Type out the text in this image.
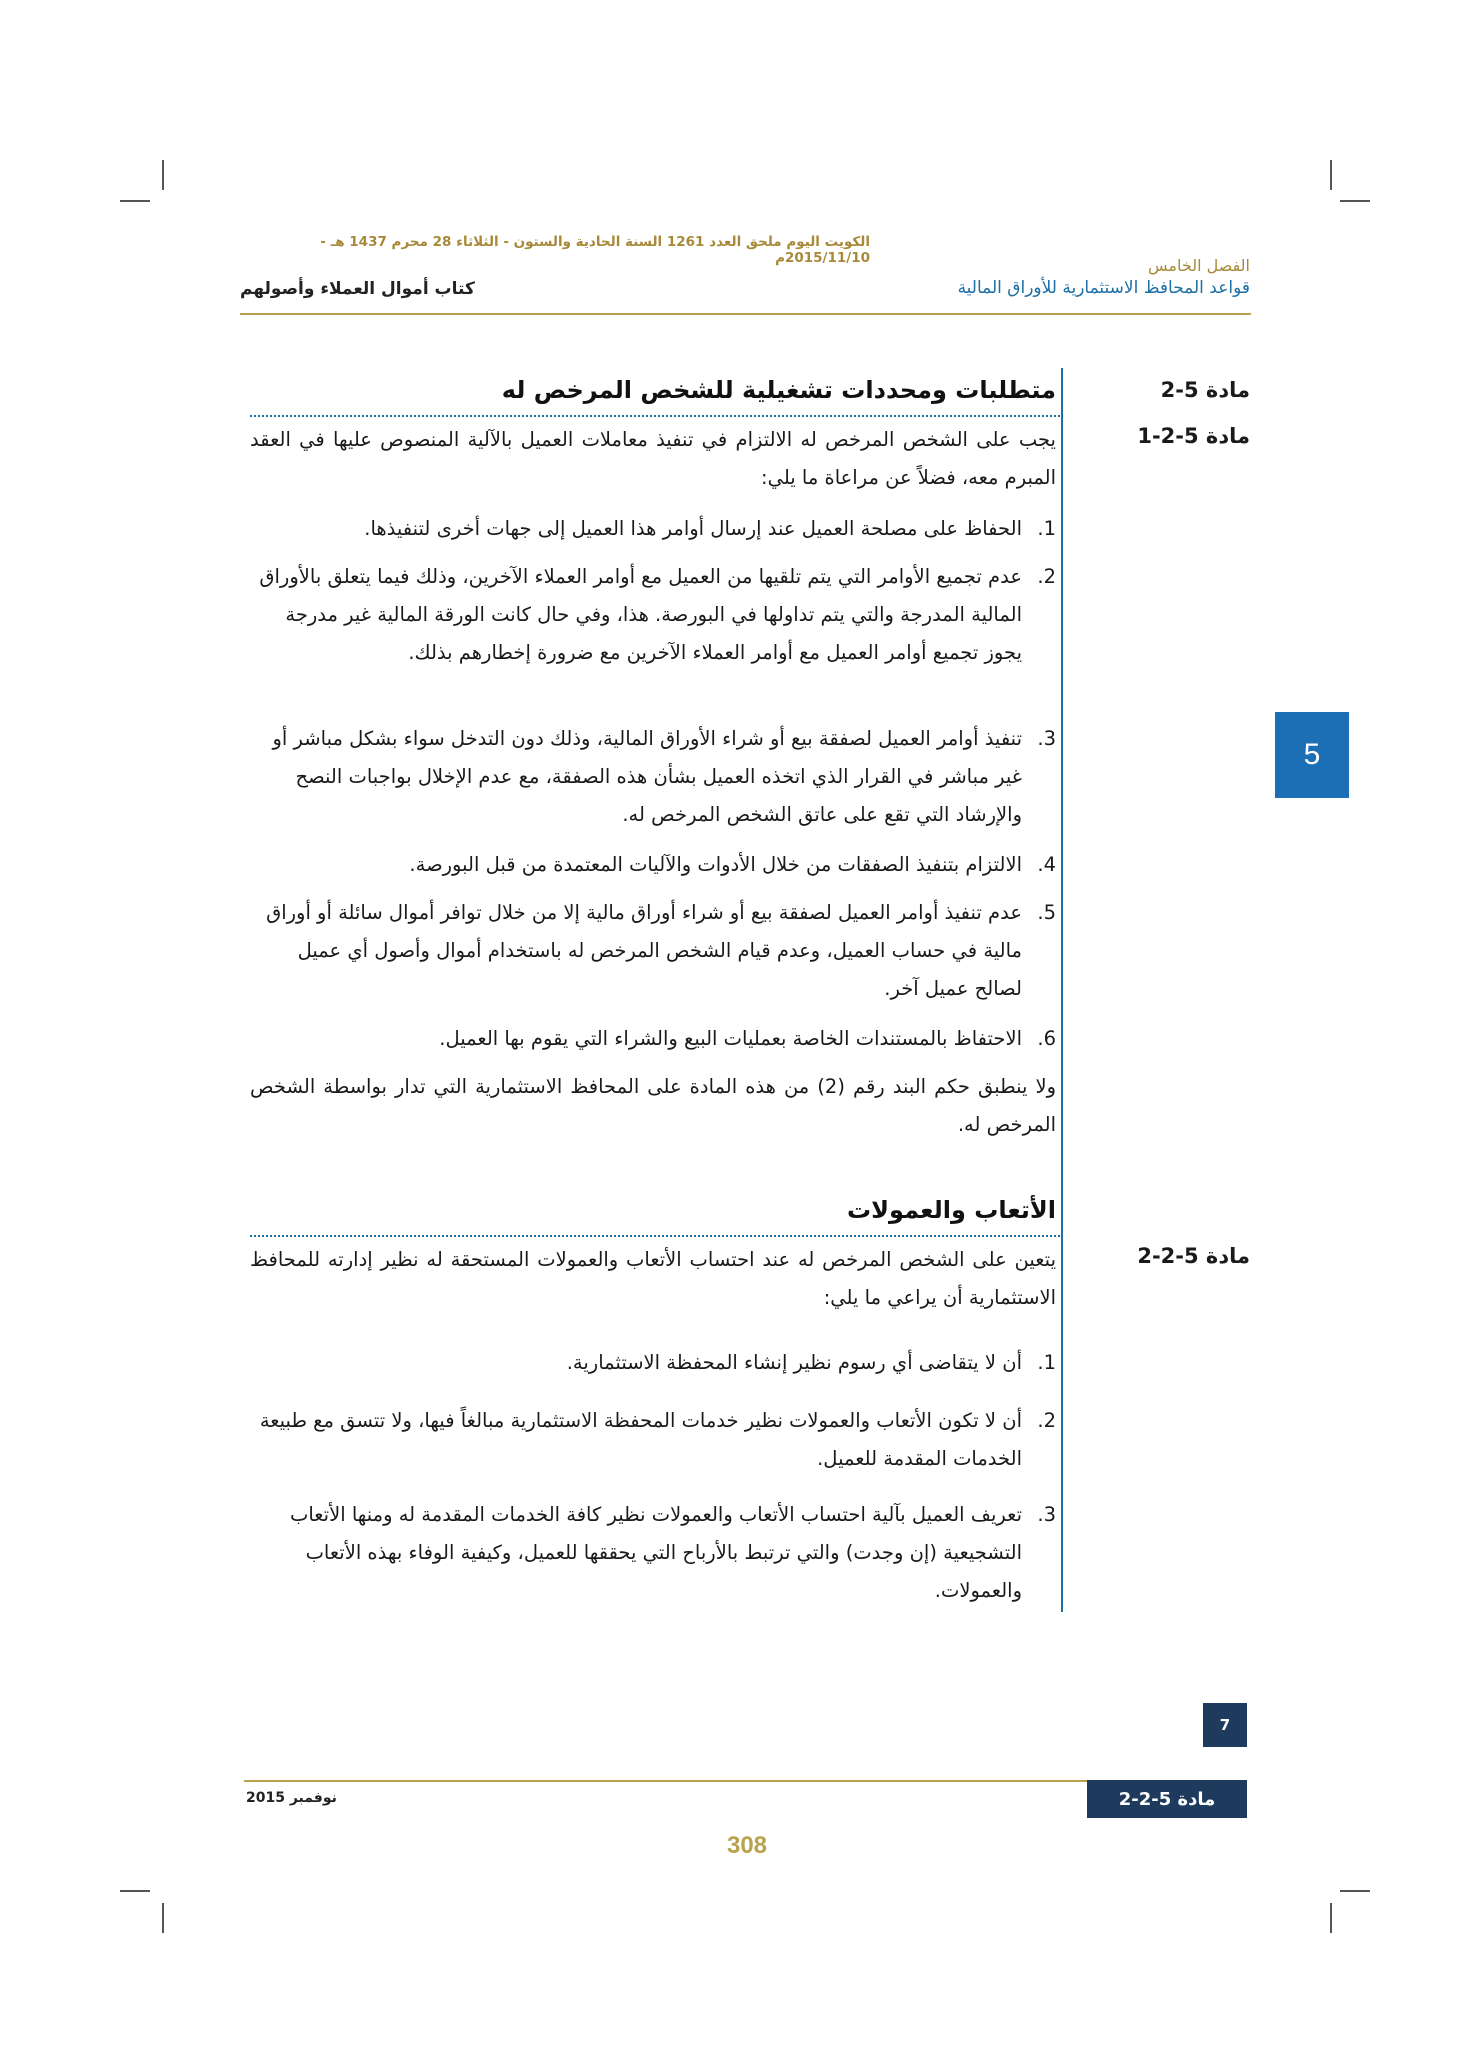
الكويت اليوم ملحق العدد 1261 السنة الحادية والستون - الثلاثاء 28 محرم 1437 هـ - 2015/11/10م	الفصل الخامس
قواعد المحافظ الاستثمارية للأوراق المالية
كتاب أموال العملاء وأصولهم
مادة 5-2
متطلبات ومحددات تشغيلية للشخص المرخص له
مادة 5-2-1

يجب على الشخص المرخص له الالتزام في تنفيذ معاملات العميل بالآلية المنصوص عليها في العقد المبرم معه، فضلاً عن مراعاة ما يلي:

1.
الحفاظ على مصلحة العميل عند إرسال أوامر هذا العميل إلى جهات أخرى لتنفيذها.
2.
عدم تجميع الأوامر التي يتم تلقيها من العميل مع أوامر العملاء الآخرين، وذلك فيما يتعلق بالأوراق المالية المدرجة والتي يتم تداولها في البورصة. هذا، وفي حال كانت الورقة المالية غير مدرجة يجوز تجميع أوامر العميل مع أوامر العملاء الآخرين مع ضرورة إخطارهم بذلك.
3.
تنفيذ أوامر العميل لصفقة بيع أو شراء الأوراق المالية، وذلك دون التدخل سواء بشكل مباشر أو غير مباشر في القرار الذي اتخذه العميل بشأن هذه الصفقة، مع عدم الإخلال بواجبات النصح والإرشاد التي تقع على عاتق الشخص المرخص له.
4.
الالتزام بتنفيذ الصفقات من خلال الأدوات والآليات المعتمدة من قبل البورصة.
5.
عدم تنفيذ أوامر العميل لصفقة بيع أو شراء أوراق مالية إلا من خلال توافر أموال سائلة أو أوراق مالية في حساب العميل، وعدم قيام الشخص المرخص له باستخدام أموال وأصول أي عميل لصالح عميل آخر.
6.
الاحتفاظ بالمستندات الخاصة بعمليات البيع والشراء التي يقوم بها العميل.

ولا ينطبق حكم البند رقم (2) من هذه المادة على المحافظ الاستثمارية التي تدار بواسطة الشخص المرخص له.

الأتعاب والعمولات
مادة 5-2-2

يتعين على الشخص المرخص له عند احتساب الأتعاب والعمولات المستحقة له نظير إدارته للمحافظ الاستثمارية أن يراعي ما يلي:

1.
أن لا يتقاضى أي رسوم نظير إنشاء المحفظة الاستثمارية.
2.
أن لا تكون الأتعاب والعمولات نظير خدمات المحفظة الاستثمارية مبالغاً فيها، ولا تتسق مع طبيعة الخدمات المقدمة للعميل.
3.
تعريف العميل بآلية احتساب الأتعاب والعمولات نظير كافة الخدمات المقدمة له ومنها الأتعاب التشجيعية (إن وجدت) والتي ترتبط بالأرباح التي يحققها للعميل، وكيفية الوفاء بهذه الأتعاب والعمولات.
5
7
مادة 5-2-2
نوفمبر 2015
308
